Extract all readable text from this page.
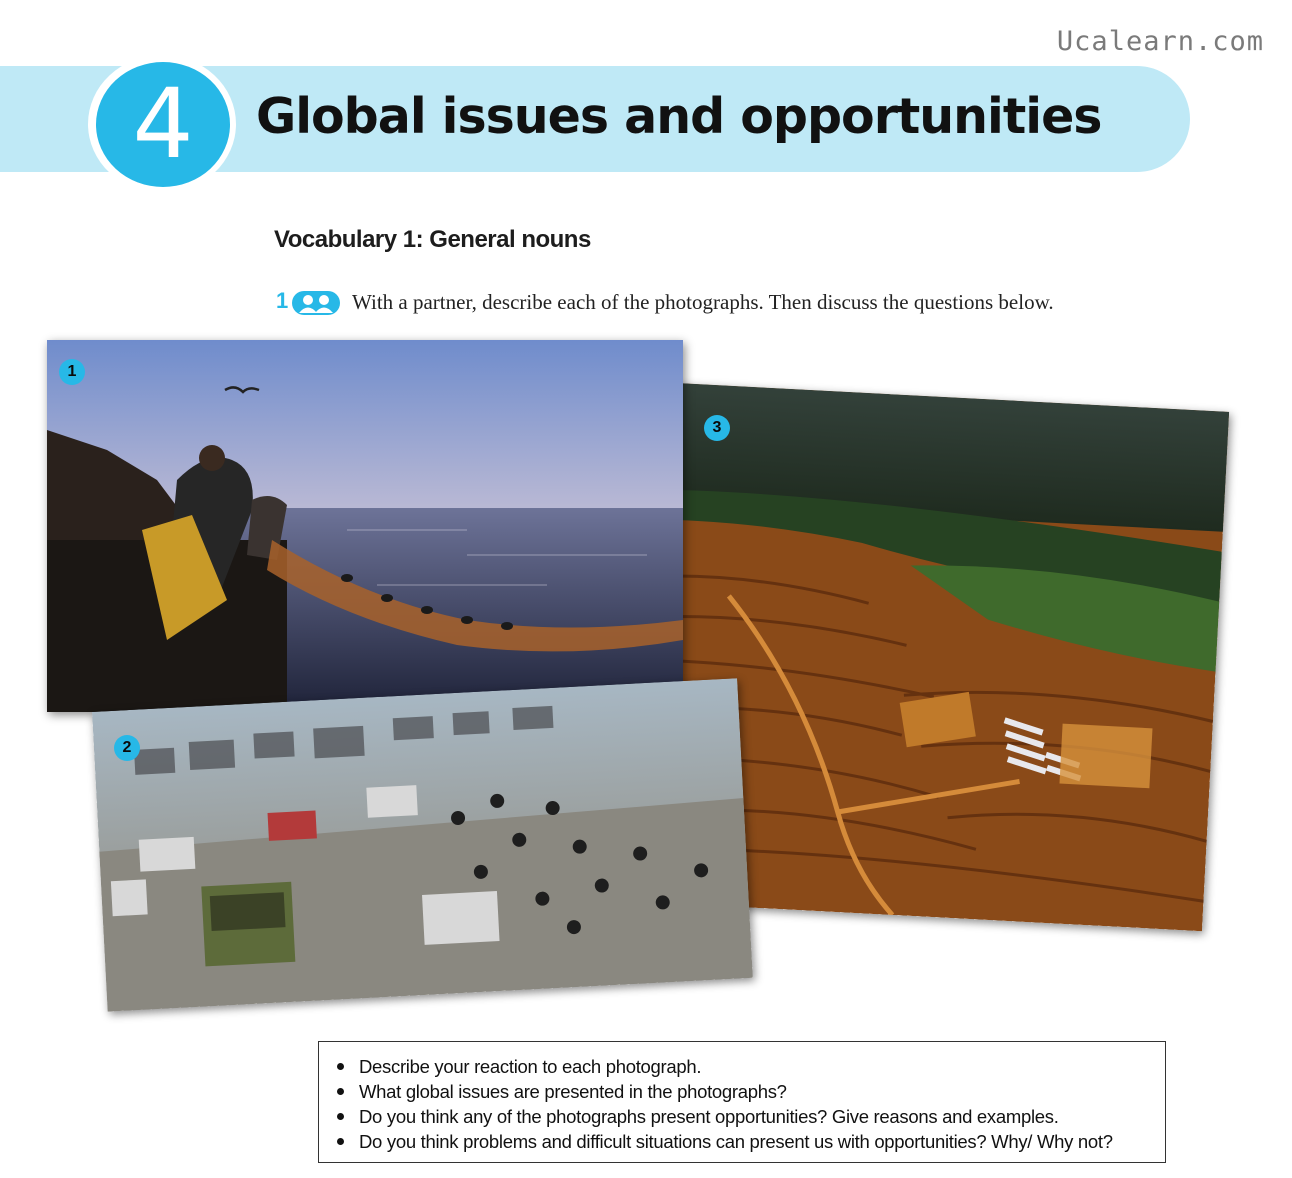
Ucalearn.com
4	Global issues and opportunities
Vocabulary 1: General nouns
1	With a partner, describe each of the photographs. Then discuss the questions below.
1
2
3
Describe your reaction to each photograph.
What global issues are presented in the photographs?
Do you think any of the photographs present opportunities? Give reasons and examples.
Do you think problems and difficult situations can present us with opportunities? Why/ Why not?
